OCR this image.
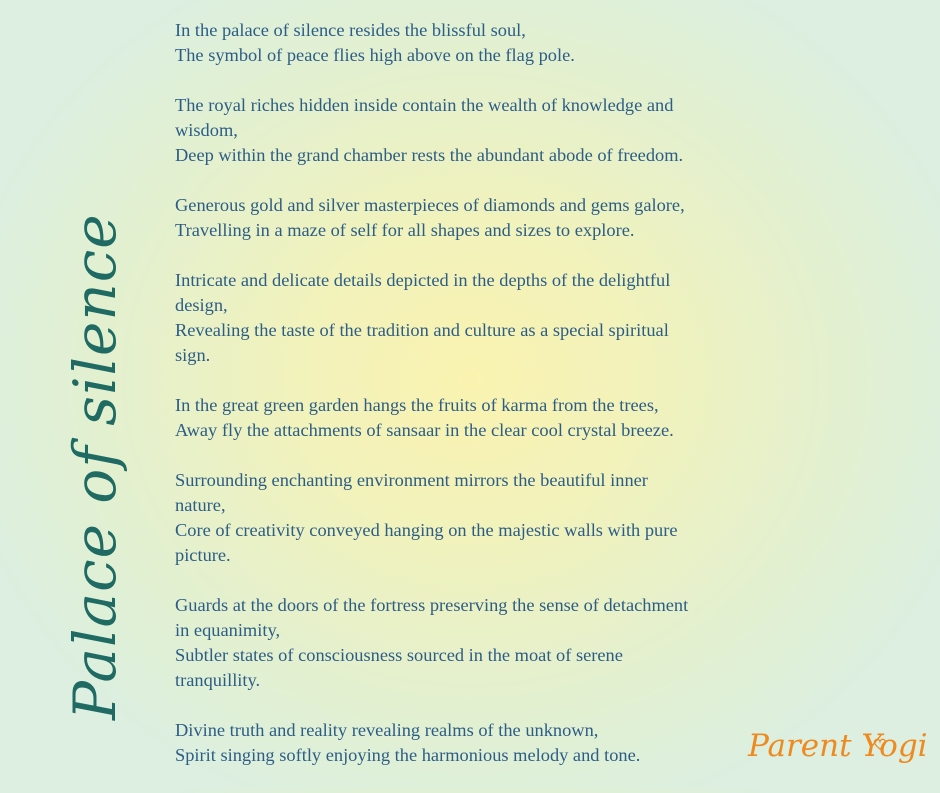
Palace of silence
In the palace of silence resides the blissful soul,
The symbol of peace flies high above on the flag pole.
The royal riches hidden inside contain the wealth of knowledge and
wisdom,
Deep within the grand chamber rests the abundant abode of freedom.
Generous gold and silver masterpieces of diamonds and gems galore,
Travelling in a maze of self for all shapes and sizes to explore.
Intricate and delicate details depicted in the depths of the delightful
design,
Revealing the taste of the tradition and culture as a special spiritual
sign.
In the great green garden hangs the fruits of karma from the trees,
Away fly the attachments of sansaar in the clear cool crystal breeze.
Surrounding enchanting environment mirrors the beautiful inner
nature,
Core of creativity conveyed hanging on the majestic walls with pure
picture.
Guards at the doors of the fortress preserving the sense of detachment
in equanimity,
Subtler states of consciousness sourced in the moat of serene
tranquillity.
Divine truth and reality revealing realms of the unknown,
Spirit singing softly enjoying the harmonious melody and tone.	Parent Yogi
